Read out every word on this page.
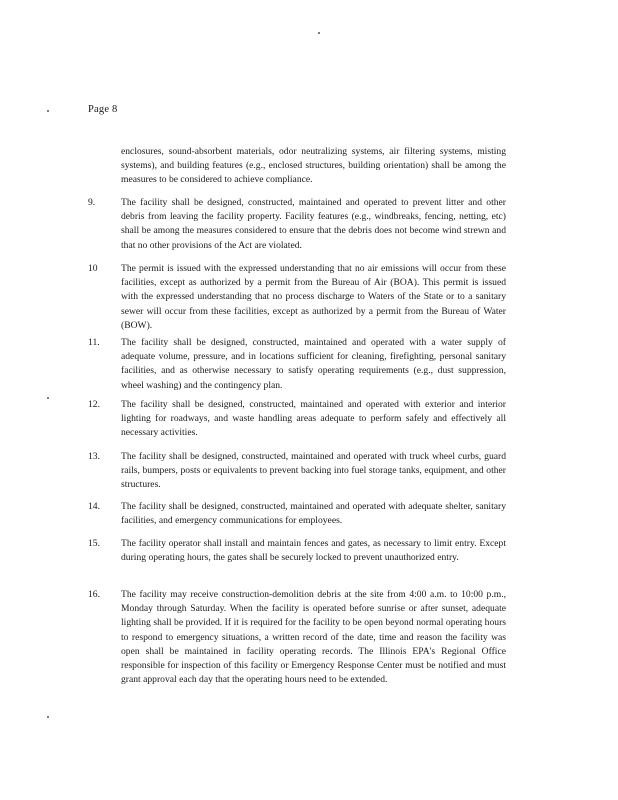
Page 8
enclosures, sound-absorbent materials, odor neutralizing systems, air filtering systems, misting systems), and building features (e.g., enclosed structures, building orientation) shall be among the measures to be considered to achieve compliance.
9.	The facility shall be designed, constructed, maintained and operated to prevent litter and other debris from leaving the facility property. Facility features (e.g., windbreaks, fencing, netting, etc) shall be among the measures considered to ensure that the debris does not become wind strewn and that no other provisions of the Act are violated.
10	The permit is issued with the expressed understanding that no air emissions will occur from these facilities, except as authorized by a permit from the Bureau of Air (BOA). This permit is issued with the expressed understanding that no process discharge to Waters of the State or to a sanitary sewer will occur from these facilities, except as authorized by a permit from the Bureau of Water (BOW).
11.	The facility shall be designed, constructed, maintained and operated with a water supply of adequate volume, pressure, and in locations sufficient for cleaning, firefighting, personal sanitary facilities, and as otherwise necessary to satisfy operating requirements (e.g., dust suppression, wheel washing) and the contingency plan.
12.	The facility shall be designed, constructed, maintained and operated with exterior and interior lighting for roadways, and waste handling areas adequate to perform safely and effectively all necessary activities.
13.	The facility shall be designed, constructed, maintained and operated with truck wheel curbs, guard rails, bumpers, posts or equivalents to prevent backing into fuel storage tanks, equipment, and other structures.
14.	The facility shall be designed, constructed, maintained and operated with adequate shelter, sanitary facilities, and emergency communications for employees.
15.	The facility operator shall install and maintain fences and gates, as necessary to limit entry. Except during operating hours, the gates shall be securely locked to prevent unauthorized entry.
16.	The facility may receive construction-demolition debris at the site from 4:00 a.m. to 10:00 p.m., Monday through Saturday. When the facility is operated before sunrise or after sunset, adequate lighting shall be provided. If it is required for the facility to be open beyond normal operating hours to respond to emergency situations, a written record of the date, time and reason the facility was open shall be maintained in facility operating records. The Illinois EPA's Regional Office responsible for inspection of this facility or Emergency Response Center must be notified and must grant approval each day that the operating hours need to be extended.
